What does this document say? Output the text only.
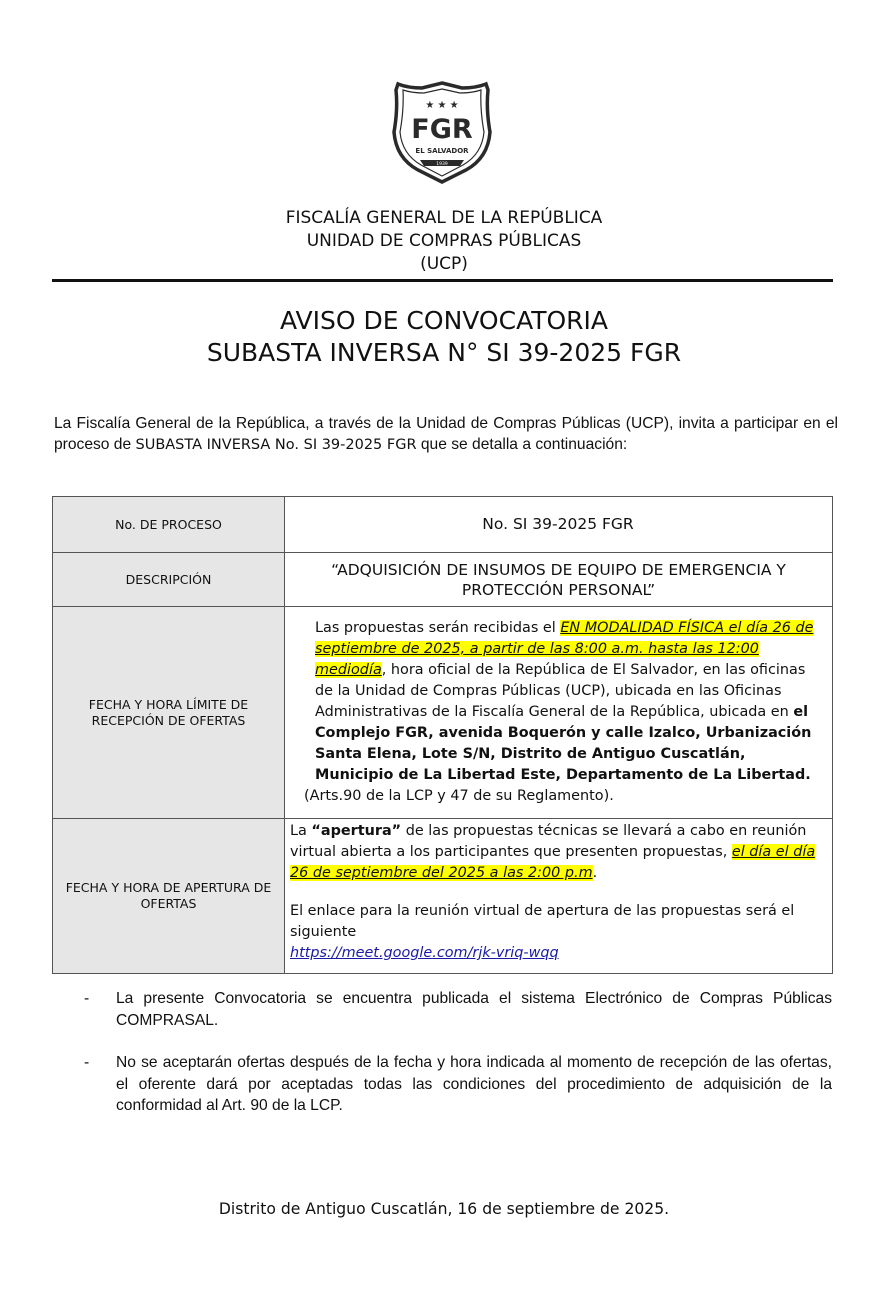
★ ★ ★
FGR
EL SALVADOR
1939
FISCALÍA GENERAL DE LA REPÚBLICA
UNIDAD DE COMPRAS PÚBLICAS
(UCP)
AVISO DE CONVOCATORIA
SUBASTA INVERSA N° SI 39-2025 FGR
La Fiscalía General de la República, a través de la Unidad de Compras Públicas (UCP), invita a participar en el proceso de SUBASTA INVERSA No. SI 39-2025 FGR que se detalla a continuación:
No. DE PROCESO	No. SI 39-2025 FGR
DESCRIPCIÓN	“ADQUISICIÓN DE INSUMOS DE EQUIPO DE EMERGENCIA Y PROTECCIÓN PERSONAL”
FECHA Y HORA LÍMITE DE RECEPCIÓN DE OFERTAS	Las propuestas serán recibidas el EN MODALIDAD FÍSICA el día 26 de septiembre de 2025, a partir de las 8:00 a.m. hasta las 12:00 mediodía, hora oficial de la República de El Salvador, en las oficinas de la Unidad de Compras Públicas (UCP), ubicada en las Oficinas Administrativas de la Fiscalía General de la República, ubicada en el Complejo FGR, avenida Boquerón y calle Izalco, Urbanización Santa Elena, Lote S/N, Distrito de Antiguo Cuscatlán, Municipio de La Libertad Este, Departamento de La Libertad.
(Arts.90 de la LCP y 47 de su Reglamento).

FECHA Y HORA DE APERTURA DE OFERTAS	La “apertura” de las propuestas técnicas se llevará a cabo en reunión virtual abierta a los participantes que presenten propuestas, el día el día 26 de septiembre del 2025 a las 2:00 p.m.
El enlace para la reunión virtual de apertura de las propuestas será el siguiente
https://meet.google.com/rjk-vriq-wqq
-	La presente Convocatoria se encuentra publicada el sistema Electrónico de Compras Públicas COMPRASAL.
-	No se aceptarán ofertas después de la fecha y hora indicada al momento de recepción de las ofertas, el oferente dará por aceptadas todas las condiciones del procedimiento de adquisición de la conformidad al Art. 90 de la LCP.
Distrito de Antiguo Cuscatlán, 16 de septiembre de 2025.
